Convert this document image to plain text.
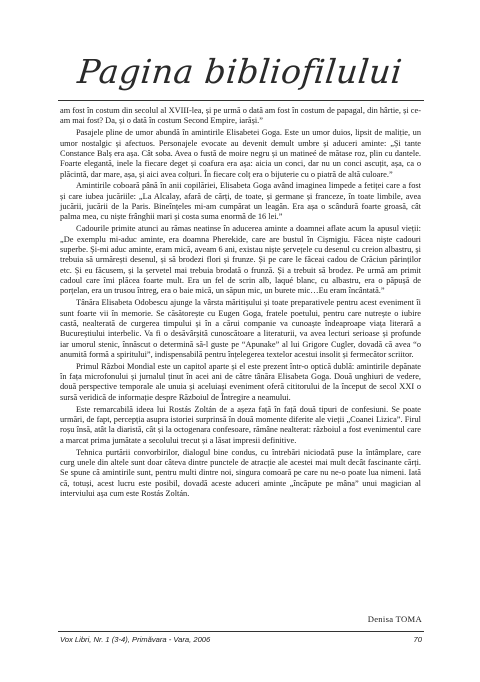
Pagina bibliofilului

am fost în costum din secolul al XVIII-lea, și pe urmă o dată am fost în costum de papagal, din hârtie, și ce-am mai fost? Da, și o dată în costum Second Empire, iarăși.”

Pasajele pline de umor abundă în amintirile Elisabetei Goga. Este un umor duios, lipsit de maliție, un umor nostalgic și afectuos. Personajele evocate au devenit demult umbre și aduceri aminte: „Și tante Constance Balș era așa. Cât soba. Avea o fustă de moire negru și un matineé de mătase roz, plin cu dantele. Foarte elegantă, inele la fiecare deget și coafura era așa: aicia un conci, dar nu un conci ascuțit, așa, ca o plăcintă, dar mare, așa, și aici avea colțuri. În fiecare colț era o bijuterie cu o piatră de altă culoare.”

Amintirile coboară până în anii copilăriei, Elisabeta Goga având imaginea limpede a fetiței care a fost și care iubea jucăriile: „La Alcalay, afară de cărți, de toate, și germane și franceze, în toate limbile, avea jucării, jucării de la Paris. Bineînțeles mi-am cumpărat un leagăn. Era așa o scândură foarte groasă, cât palma mea, cu niște frânghii mari și costa suma enormă de 16 lei.”

Cadourile primite atunci au rămas neatinse în aducerea aminte a doamnei aflate acum la apusul vieții: „De exemplu mi-aduc aminte, era doamna Pherekide, care are bustul în Cișmigiu. Făcea niște cadouri superbe. Și-mi aduc aminte, eram mică, aveam 6 ani, existau niște șervețele cu desenul cu creion albastru, și trebuia să urmărești desenul, și să brodezi flori și frunze. Și pe care le făceai cadou de Crăciun părinților etc. Și eu făcusem, și la șervetel mai trebuia brodată o frunză. Și a trebuit să brodez. Pe urmă am primit cadoul care îmi plăcea foarte mult. Era un fel de scrin alb, laqué blanc, cu albastru, era o păpușă de porțelan, era un trusou întreg, era o baie mică, un săpun mic, un burete mic…Eu eram încântată.”

Tânăra Elisabeta Odobescu ajunge la vârsta măritișului și toate preparativele pentru acest eveniment îi sunt foarte vii în memorie. Se căsătorește cu Eugen Goga, fratele poetului, pentru care nutrește o iubire castă, nealterată de curgerea timpului și în a cărui companie va cunoaște îndeaproape viața literară a Bucureștiului interbelic. Va fi o desăvârșită cunoscătoare a literaturii, va avea lecturi serioase și profunde iar umorul stenic, înnăscut o determină să-l guste pe “Apunake” al lui Grigore Cugler, dovadă că avea “o anumită formă a spiritului”, indispensabilă pentru înțelegerea textelor acestui insolit și fermecător scriitor.

Primul Război Mondial este un capitol aparte și el este prezent într-o optică dublă: amintirile depănate în fața microfonului și jurnalul ținut în acei ani de către tânăra Elisabeta Goga. Două unghiuri de vedere, două perspective temporale ale unuia și aceluiași eveniment oferă cititorului de la început de secol XXI o sursă veridică de informație despre Războiul de Întregire a neamului.

Este remarcabilă ideea lui Rostás Zoltán de a așeza față în față două tipuri de confesiuni. Se poate urmări, de fapt, percepția asupra istoriei surprinsă în două momente diferite ale vieții „Coanei Lizica”. Firul roșu însă, atât la diaristă, cât și la octogenara confesoare, rămâne nealterat: războiul a fost evenimentul care a marcat prima jumătate a secolului trecut și a lăsat impresii definitive.

Tehnica purtării convorbirilor, dialogul bine condus, cu întrebări niciodată puse la întâmplare, care curg unele din altele sunt doar câteva dintre punctele de atracție ale acestei mai mult decât fascinante cărți. Se spune că amintirile sunt, pentru multi dintre noi, singura comoară pe care nu ne-o poate lua nimeni. Iată că, totuși, acest lucru este posibil, dovadă aceste aduceri aminte „încăpute pe mâna” unui magician al interviului așa cum este Rostás Zoltán.

Denisa TOMA
Vox Libri, Nr. 1 (3-4), Primăvara - Vara, 2006	70
